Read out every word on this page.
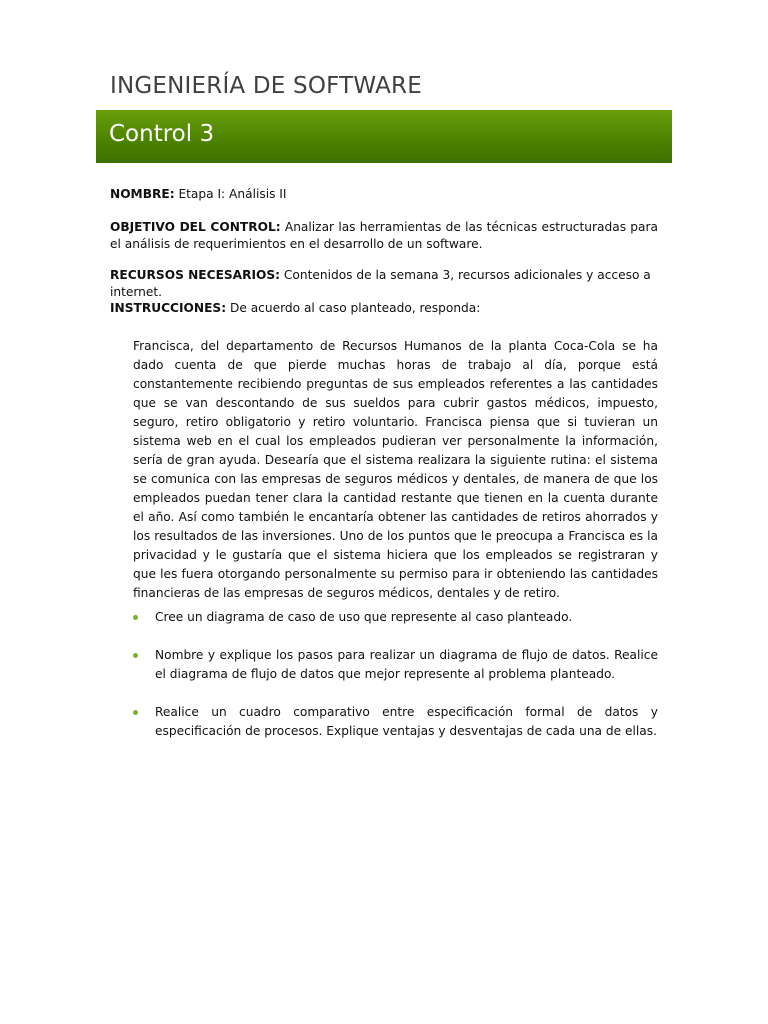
INGENIERÍA DE SOFTWARE
Control 3
NOMBRE: Etapa I: Análisis II
OBJETIVO DEL CONTROL: Analizar las herramientas de las técnicas estructuradas para el análisis de requerimientos en el desarrollo de un software.
RECURSOS NECESARIOS: Contenidos de la semana 3, recursos adicionales y acceso a internet.
INSTRUCCIONES: De acuerdo al caso planteado, responda:
Francisca, del departamento de Recursos Humanos de la planta Coca-Cola se ha dado cuenta de que pierde muchas horas de trabajo al día, porque está constantemente recibiendo preguntas de sus empleados referentes a las cantidades que se van descontando de sus sueldos para cubrir gastos médicos, impuesto, seguro, retiro obligatorio y retiro voluntario. Francisca piensa que si tuvieran un sistema web en el cual los empleados pudieran ver personalmente la información, sería de gran ayuda. Desearía que el sistema realizara la siguiente rutina: el sistema se comunica con las empresas de seguros médicos y dentales, de manera de que los empleados puedan tener clara la cantidad restante que tienen en la cuenta durante el año. Así como también le encantaría obtener las cantidades de retiros ahorrados y los resultados de las inversiones. Uno de los puntos que le preocupa a Francisca es la privacidad y le gustaría que el sistema hiciera que los empleados se registraran y que les fuera otorgando personalmente su permiso para ir obteniendo las cantidades financieras de las empresas de seguros médicos, dentales y de retiro.
Cree un diagrama de caso de uso que represente al caso planteado.
Nombre y explique los pasos para realizar un diagrama de flujo de datos. Realice el diagrama de flujo de datos que mejor represente al problema planteado.
Realice un cuadro comparativo entre especificación formal de datos y especificación de procesos. Explique ventajas y desventajas de cada una de ellas.
